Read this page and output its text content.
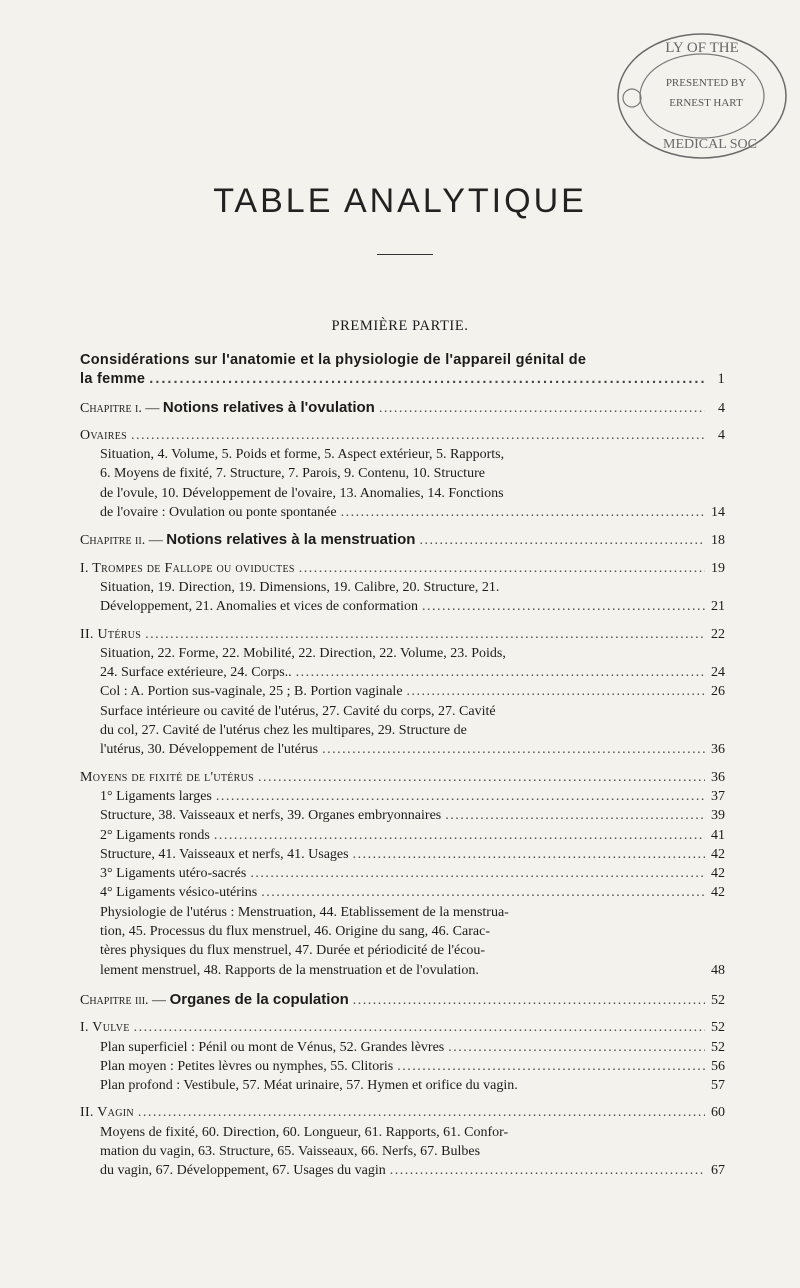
LY OF THE
PRESENTED BY
ERNEST HART
MEDICAL SOC
TABLE ANALYTIQUE
PREMIÈRE PARTIE.
Considérations sur l'anatomie et la physiologie de l'appareil génital de
la femme . . .	1
Chapitre i. — Notions relatives à l'ovulation . . .	4
Ovaires . . .	4
Situation, 4. Volume, 5. Poids et forme, 5. Aspect extérieur, 5. Rapports,
6. Moyens de fixité, 7. Structure, 7. Parois, 9. Contenu, 10. Structure
de l'ovule, 10. Développement de l'ovaire, 13. Anomalies, 14. Fonctions
de l'ovaire : Ovulation ou ponte spontanée . . .	14
Chapitre ii. — Notions relatives à la menstruation . . .	18
I. Trompes de Fallope ou oviductes . . .	19
Situation, 19. Direction, 19. Dimensions, 19. Calibre, 20. Structure, 21.
Développement, 21. Anomalies et vices de conformation . . .	21
II. Utérus . . .	22
Situation, 22. Forme, 22. Mobilité, 22. Direction, 22. Volume, 23. Poids,
24. Surface extérieure, 24. Corps.. . . .	24
Col : A. Portion sus-vaginale, 25 ; B. Portion vaginale . . .	26
Surface intérieure ou cavité de l'utérus, 27. Cavité du corps, 27. Cavité
du col, 27. Cavité de l'utérus chez les multipares, 29. Structure de
l'utérus, 30. Développement de l'utérus . . .	36
Moyens de fixité de l'utérus . . .	36
1° Ligaments larges . . .	37
Structure, 38. Vaisseaux et nerfs, 39. Organes embryonnaires . . .	39
2° Ligaments ronds . . .	41
Structure, 41. Vaisseaux et nerfs, 41. Usages . . .	42
3° Ligaments utéro-sacrés . . .	42
4° Ligaments vésico-utérins . . .	42
Physiologie de l'utérus : Menstruation, 44. Etablissement de la menstrua-
tion, 45. Processus du flux menstruel, 46. Origine du sang, 46. Carac-
tères physiques du flux menstruel, 47. Durée et périodicité de l'écou-
lement menstruel, 48. Rapports de la menstruation et de l'ovulation.	48
Chapitre iii. — Organes de la copulation . . .	52
I. Vulve . . .	52
Plan superficiel : Pénil ou mont de Vénus, 52. Grandes lèvres . . .	52
Plan moyen : Petites lèvres ou nymphes, 55. Clitoris . . .	56
Plan profond : Vestibule, 57. Méat urinaire, 57. Hymen et orifice du vagin.	57
II. Vagin . . .	60
Moyens de fixité, 60. Direction, 60. Longueur, 61. Rapports, 61. Confor-
mation du vagin, 63. Structure, 65. Vaisseaux, 66. Nerfs, 67. Bulbes
du vagin, 67. Développement, 67. Usages du vagin . . .	67
